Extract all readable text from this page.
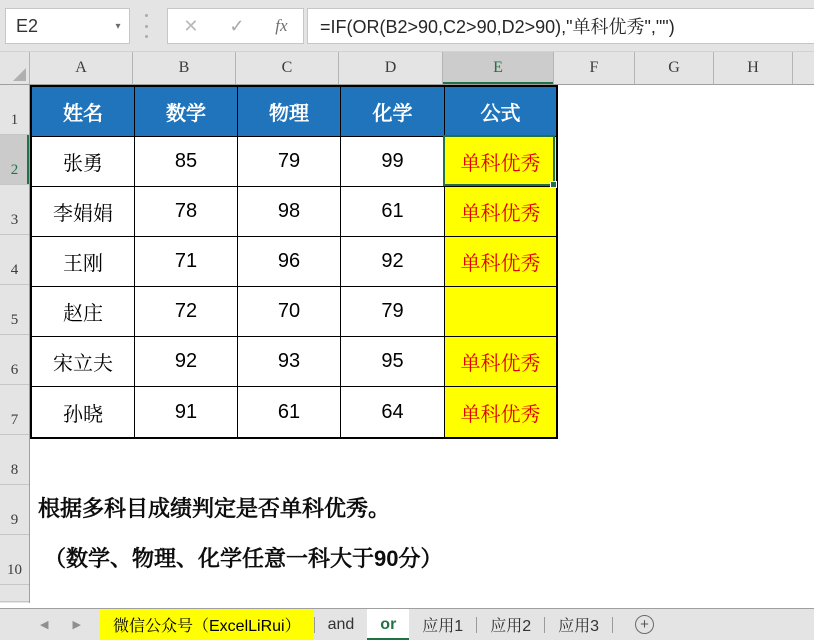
E2	▾	✕ ✓ fx	=IF(OR(B2>90,C2>90,D2>90),"单科优秀","")
A	B	C	D	E	F	G	H
1
2
3
4
5
6
7
8
9
10
姓名	数学	物理	化学	公式
张勇	85	79	99	单科优秀
李娟娟	78	98	61	单科优秀
王刚	71	96	92	单科优秀
赵庄	72	70	79
宋立夫	92	93	95	单科优秀
孙晓	91	61	64	单科优秀
根据多科目成绩判定是否单科优秀。
（数学、物理、化学任意一科大于90分）
◀ ▶	微信公众号（ExcelLiRui）	and	or	应用1	应用2	应用3	+
